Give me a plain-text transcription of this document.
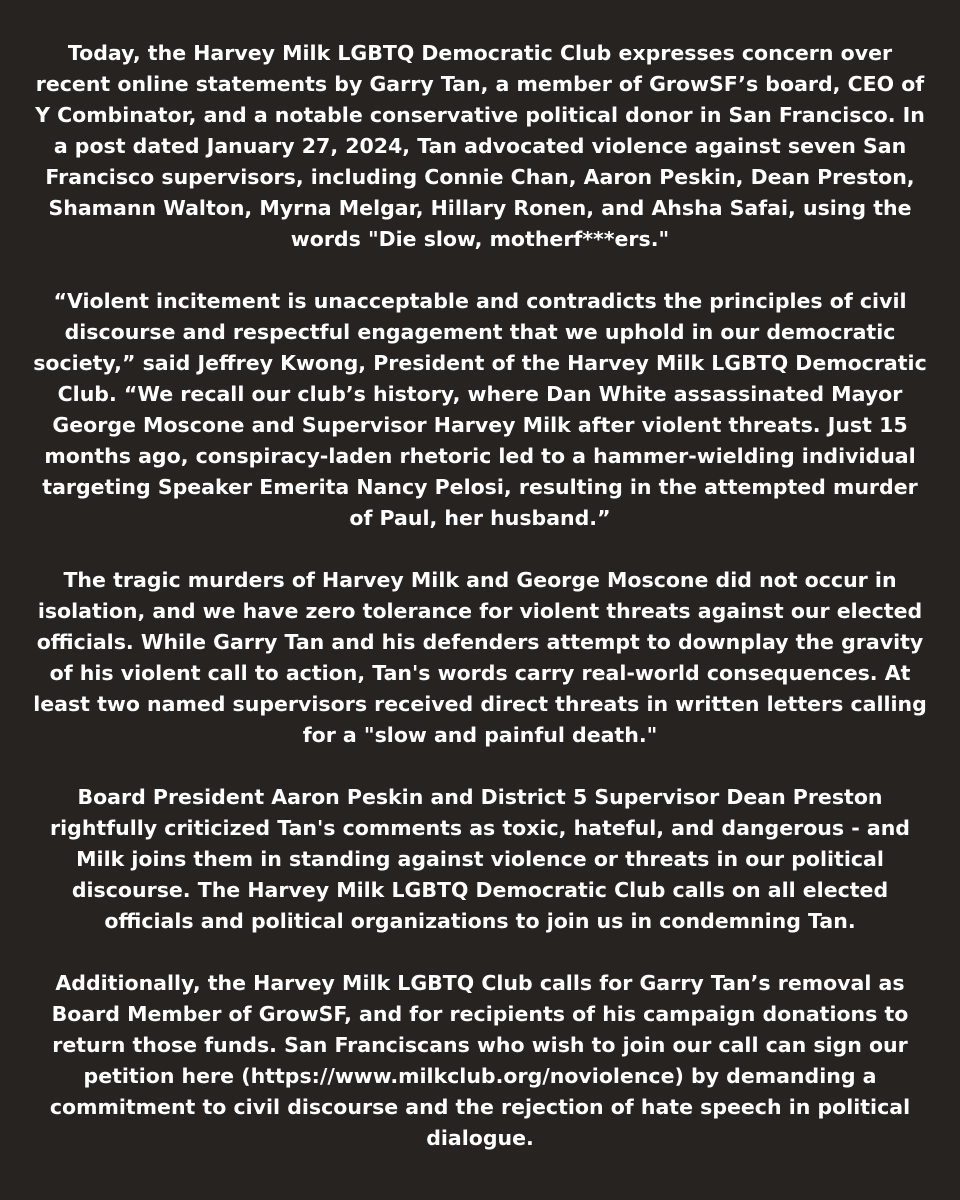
Today, the Harvey Milk LGBTQ Democratic Club expresses concern over recent online statements by Garry Tan, a member of GrowSF’s board, CEO of Y Combinator, and a notable conservative political donor in San Francisco. In a post dated January 27, 2024, Tan advocated violence against seven San Francisco supervisors, including Connie Chan, Aaron Peskin, Dean Preston, Shamann Walton, Myrna Melgar, Hillary Ronen, and Ahsha Safai, using the words "Die slow, motherf***ers."

“Violent incitement is unacceptable and contradicts the principles of civil discourse and respectful engagement that we uphold in our democratic society,” said Jeffrey Kwong, President of the Harvey Milk LGBTQ Democratic Club. “We recall our club’s history, where Dan White assassinated Mayor George Moscone and Supervisor Harvey Milk after violent threats. Just 15 months ago, conspiracy-laden rhetoric led to a hammer-wielding individual targeting Speaker Emerita Nancy Pelosi, resulting in the attempted murder of Paul, her husband.”

The tragic murders of Harvey Milk and George Moscone did not occur in isolation, and we have zero tolerance for violent threats against our elected officials. While Garry Tan and his defenders attempt to downplay the gravity of his violent call to action, Tan's words carry real-world consequences. At least two named supervisors received direct threats in written letters calling for a "slow and painful death."

Board President Aaron Peskin and District 5 Supervisor Dean Preston rightfully criticized Tan's comments as toxic, hateful, and dangerous - and Milk joins them in standing against violence or threats in our political discourse. The Harvey Milk LGBTQ Democratic Club calls on all elected officials and political organizations to join us in condemning Tan.

Additionally, the Harvey Milk LGBTQ Club calls for Garry Tan’s removal as Board Member of GrowSF, and for recipients of his campaign donations to return those funds. San Franciscans who wish to join our call can sign our petition here (https://www.milkclub.org/noviolence) by demanding a commitment to civil discourse and the rejection of hate speech in political dialogue.
